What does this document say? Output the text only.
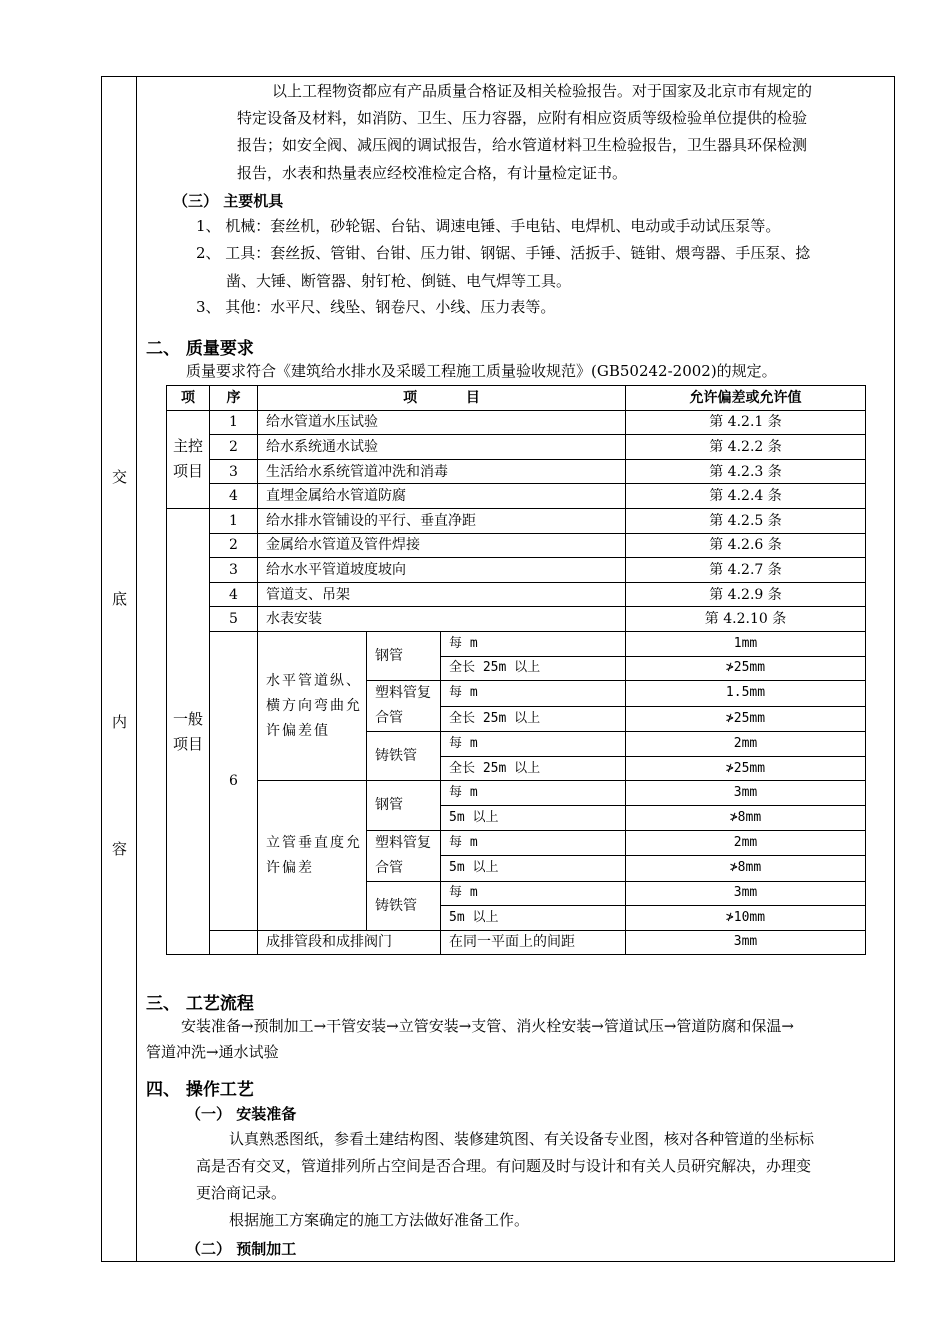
交
底
内
容
以上工程物资都应有产品质量合格证及相关检验报告。对于国家及北京市有规定的
特定设备及材料，如消防、卫生、压力容器，应附有相应资质等级检验单位提供的检验
报告；如安全阀、减压阀的调试报告，给水管道材料卫生检验报告，卫生器具环保检测
报告，水表和热量表应经校准检定合格，有计量检定证书。
（三） 主要机具
1、 机械：套丝机，砂轮锯、台钻、调速电锤、手电钻、电焊机、电动或手动试压泵等。
2、 工具：套丝扳、管钳、台钳、压力钳、钢锯、手锤、活扳手、链钳、煨弯器、手压泵、捻
凿、大锤、断管器、射钉枪、倒链、电气焊等工具。
3、 其他：水平尺、线坠、钢卷尺、小线、压力表等。
二、 质量要求
质量要求符合《建筑给水排水及采暖工程施工质量验收规范》(GB50242-2002)的规定。
项	序	项          目			允许偏差或允许值
主控项目	1	给水管道水压试验			第 4.2.1 条
	2	给水系统通水试验			第 4.2.2 条
	3	生活给水系统管道冲洗和消毒			第 4.2.3 条
	4	直埋金属给水管道防腐			第 4.2.4 条
一般项目	1	给水排水管铺设的平行、垂直净距			第 4.2.5 条
	2	金属给水管道及管件焊接			第 4.2.6 条
	3	给水水平管道坡度坡向			第 4.2.7 条
	4	管道支、吊架			第 4.2.9 条
	5	水表安装			第 4.2.10 条
	6	水平管道纵、横方向弯曲允许偏差值	钢管	每 m	1mm
				全长 25m 以上	≯25mm
			塑料管复合管	每 m	1.5mm
				全长 25m 以上	≯25mm
			铸铁管	每 m	2mm
				全长 25m 以上	≯25mm
		立管垂直度允许偏差	钢管	每 m	3mm
				5m 以上	≯8mm
			塑料管复合管	每 m	2mm
				5m 以上	≯8mm
			铸铁管	每 m	3mm
				5m 以上	≯10mm
		成排管段和成排阀门		在同一平面上的间距	3mm
三、 工艺流程
安装准备→预制加工→干管安装→立管安装→支管、消火栓安装→管道试压→管道防腐和保温→
管道冲洗→通水试验
四、 操作工艺
（一） 安装准备
认真熟悉图纸，参看土建结构图、装修建筑图、有关设备专业图，核对各种管道的坐标标
高是否有交叉，管道排列所占空间是否合理。有问题及时与设计和有关人员研究解决，办理变
更洽商记录。
根据施工方案确定的施工方法做好准备工作。
（二） 预制加工
